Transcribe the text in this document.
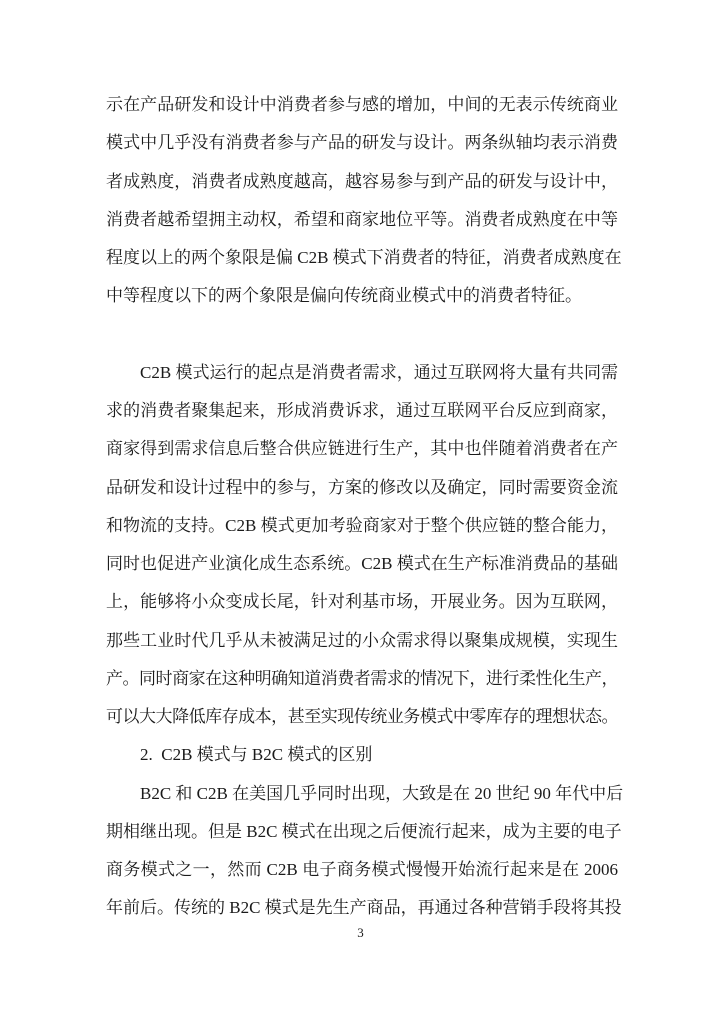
示在产品研发和设计中消费者参与感的增加，中间的无表示传统商业
模式中几乎没有消费者参与产品的研发与设计。两条纵轴均表示消费
者成熟度，消费者成熟度越高，越容易参与到产品的研发与设计中，
消费者越希望拥主动权，希望和商家地位平等。消费者成熟度在中等
程度以上的两个象限是偏 C2B 模式下消费者的特征，消费者成熟度在
中等程度以下的两个象限是偏向传统商业模式中的消费者特征。
C2B 模式运行的起点是消费者需求，通过互联网将大量有共同需
求的消费者聚集起来，形成消费诉求，通过互联网平台反应到商家，
商家得到需求信息后整合供应链进行生产，其中也伴随着消费者在产
品研发和设计过程中的参与，方案的修改以及确定，同时需要资金流
和物流的支持。C2B 模式更加考验商家对于整个供应链的整合能力，
同时也促进产业演化成生态系统。C2B 模式在生产标准消费品的基础
上，能够将小众变成长尾，针对利基市场，开展业务。因为互联网，
那些工业时代几乎从未被满足过的小众需求得以聚集成规模，实现生
产。同时商家在这种明确知道消费者需求的情况下，进行柔性化生产，
可以大大降低库存成本，甚至实现传统业务模式中零库存的理想状态。
2.  C2B 模式与 B2C 模式的区别
B2C 和 C2B 在美国几乎同时出现，大致是在 20 世纪 90 年代中后
期相继出现。但是 B2C 模式在出现之后便流行起来，成为主要的电子
商务模式之一，然而 C2B 电子商务模式慢慢开始流行起来是在 2006
年前后。传统的 B2C 模式是先生产商品，再通过各种营销手段将其投
3
